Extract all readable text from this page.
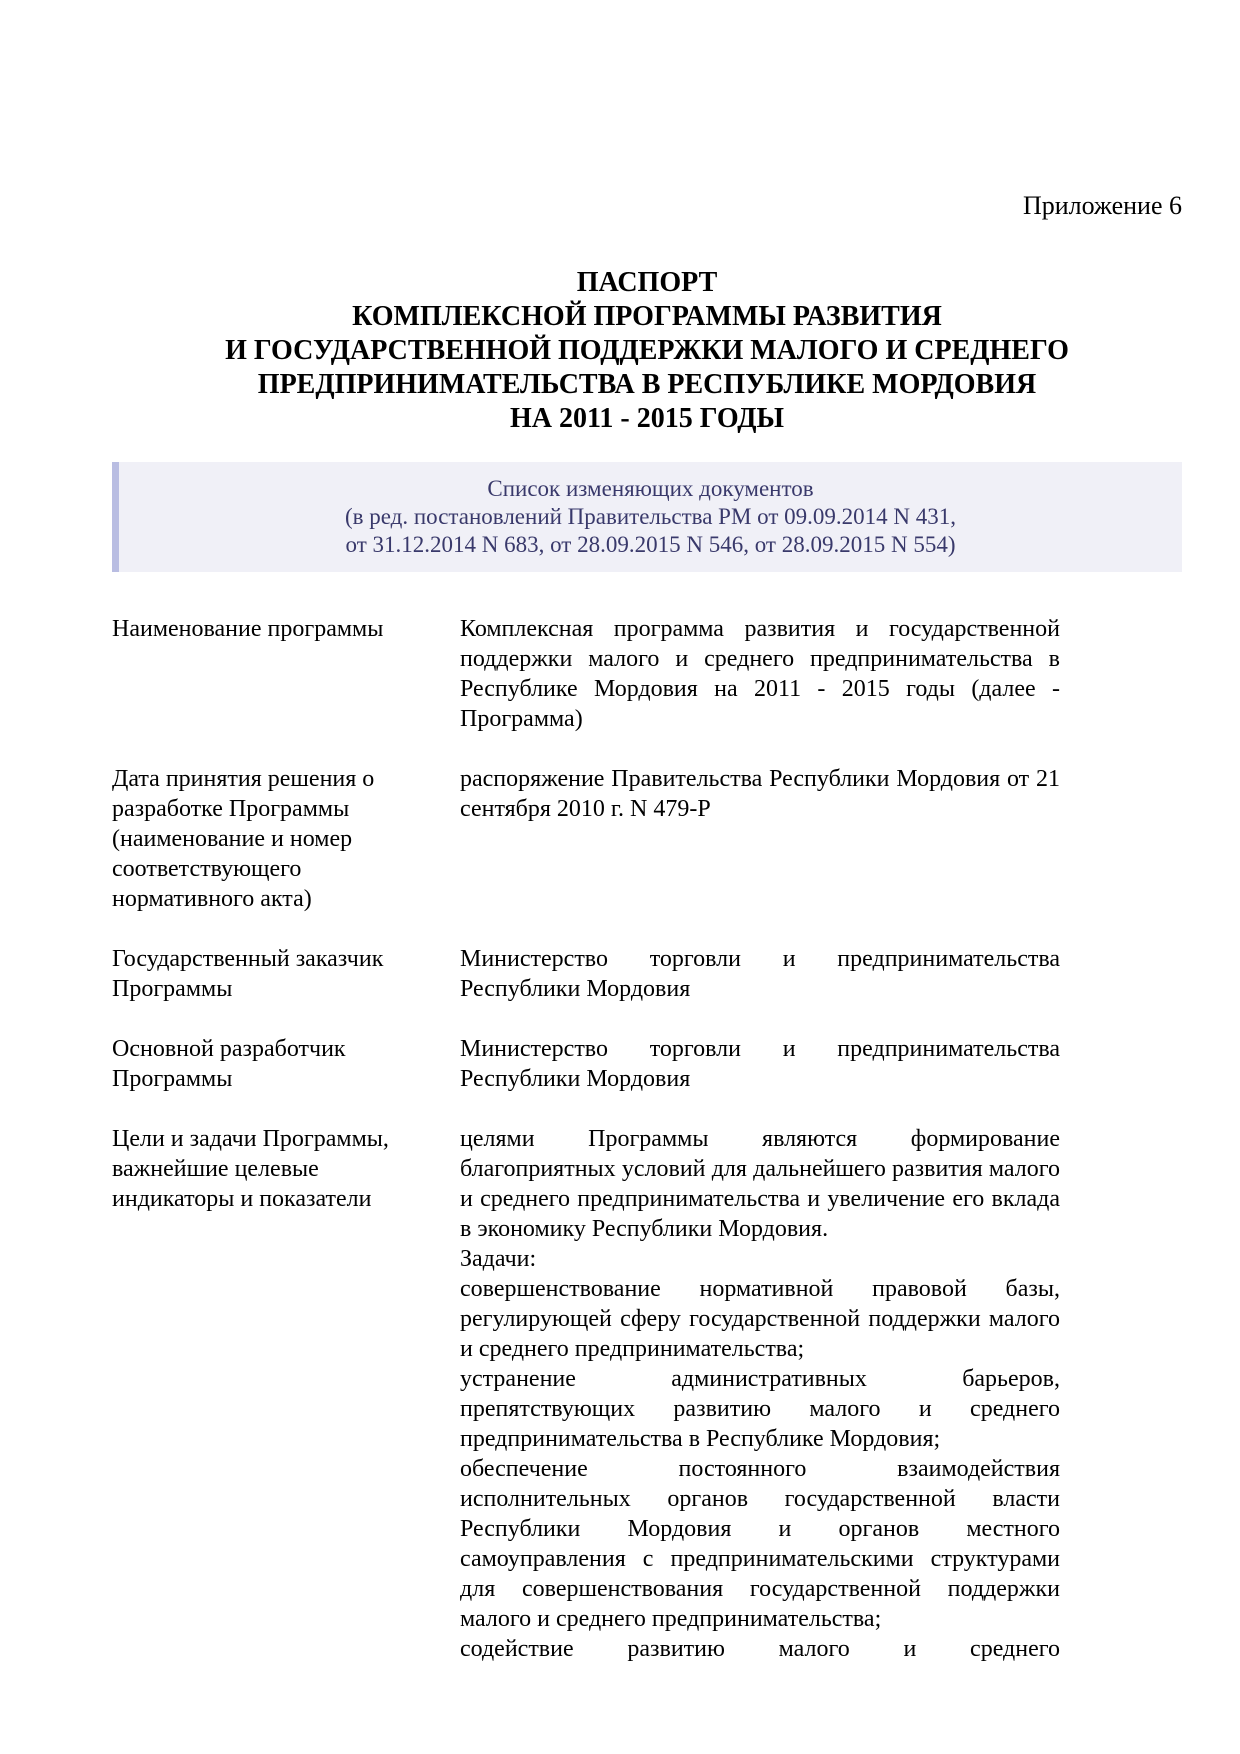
Приложение 6
ПАСПОРТ
КОМПЛЕКСНОЙ ПРОГРАММЫ РАЗВИТИЯ
И ГОСУДАРСТВЕННОЙ ПОДДЕРЖКИ МАЛОГО И СРЕДНЕГО
ПРЕДПРИНИМАТЕЛЬСТВА В РЕСПУБЛИКЕ МОРДОВИЯ
НА 2011 - 2015 ГОДЫ
Список изменяющих документов
(в ред. постановлений Правительства РМ от 09.09.2014 N 431,
от 31.12.2014 N 683, от 28.09.2015 N 546, от 28.09.2015 N 554)
Наименование программы	Комплексная программа развития и государственной поддержки малого и среднего предпринимательства в Республике Мордовия на 2011 - 2015 годы (далее - Программа)

Дата принятия решения о разработке Программы (наименование и номер соответствующего нормативного акта)

распоряжение Правительства Республики Мордовия от 21 сентября 2010 г. N 479-Р

Государственный заказчик Программы

Министерство торговли и предпринимательства Республики Мордовия

Основной разработчик Программы

Министерство торговли и предпринимательства Республики Мордовия

Цели и задачи Программы, важнейшие целевые индикаторы и показатели

целями Программы являются формирование благоприятных условий для дальнейшего развития малого и среднего предпринимательства и увеличение его вклада в экономику Республики Мордовия.

Задачи:

совершенствование нормативной правовой базы, регулирующей сферу государственной поддержки малого и среднего предпринимательства;

устранение административных барьеров, препятствующих развитию малого и среднего предпринимательства в Республике Мордовия;

обеспечение постоянного взаимодействия исполнительных органов государственной власти Республики Мордовия и органов местного самоуправления с предпринимательскими структурами для совершенствования государственной поддержки малого и среднего предпринимательства;

содействие развитию малого и среднего
